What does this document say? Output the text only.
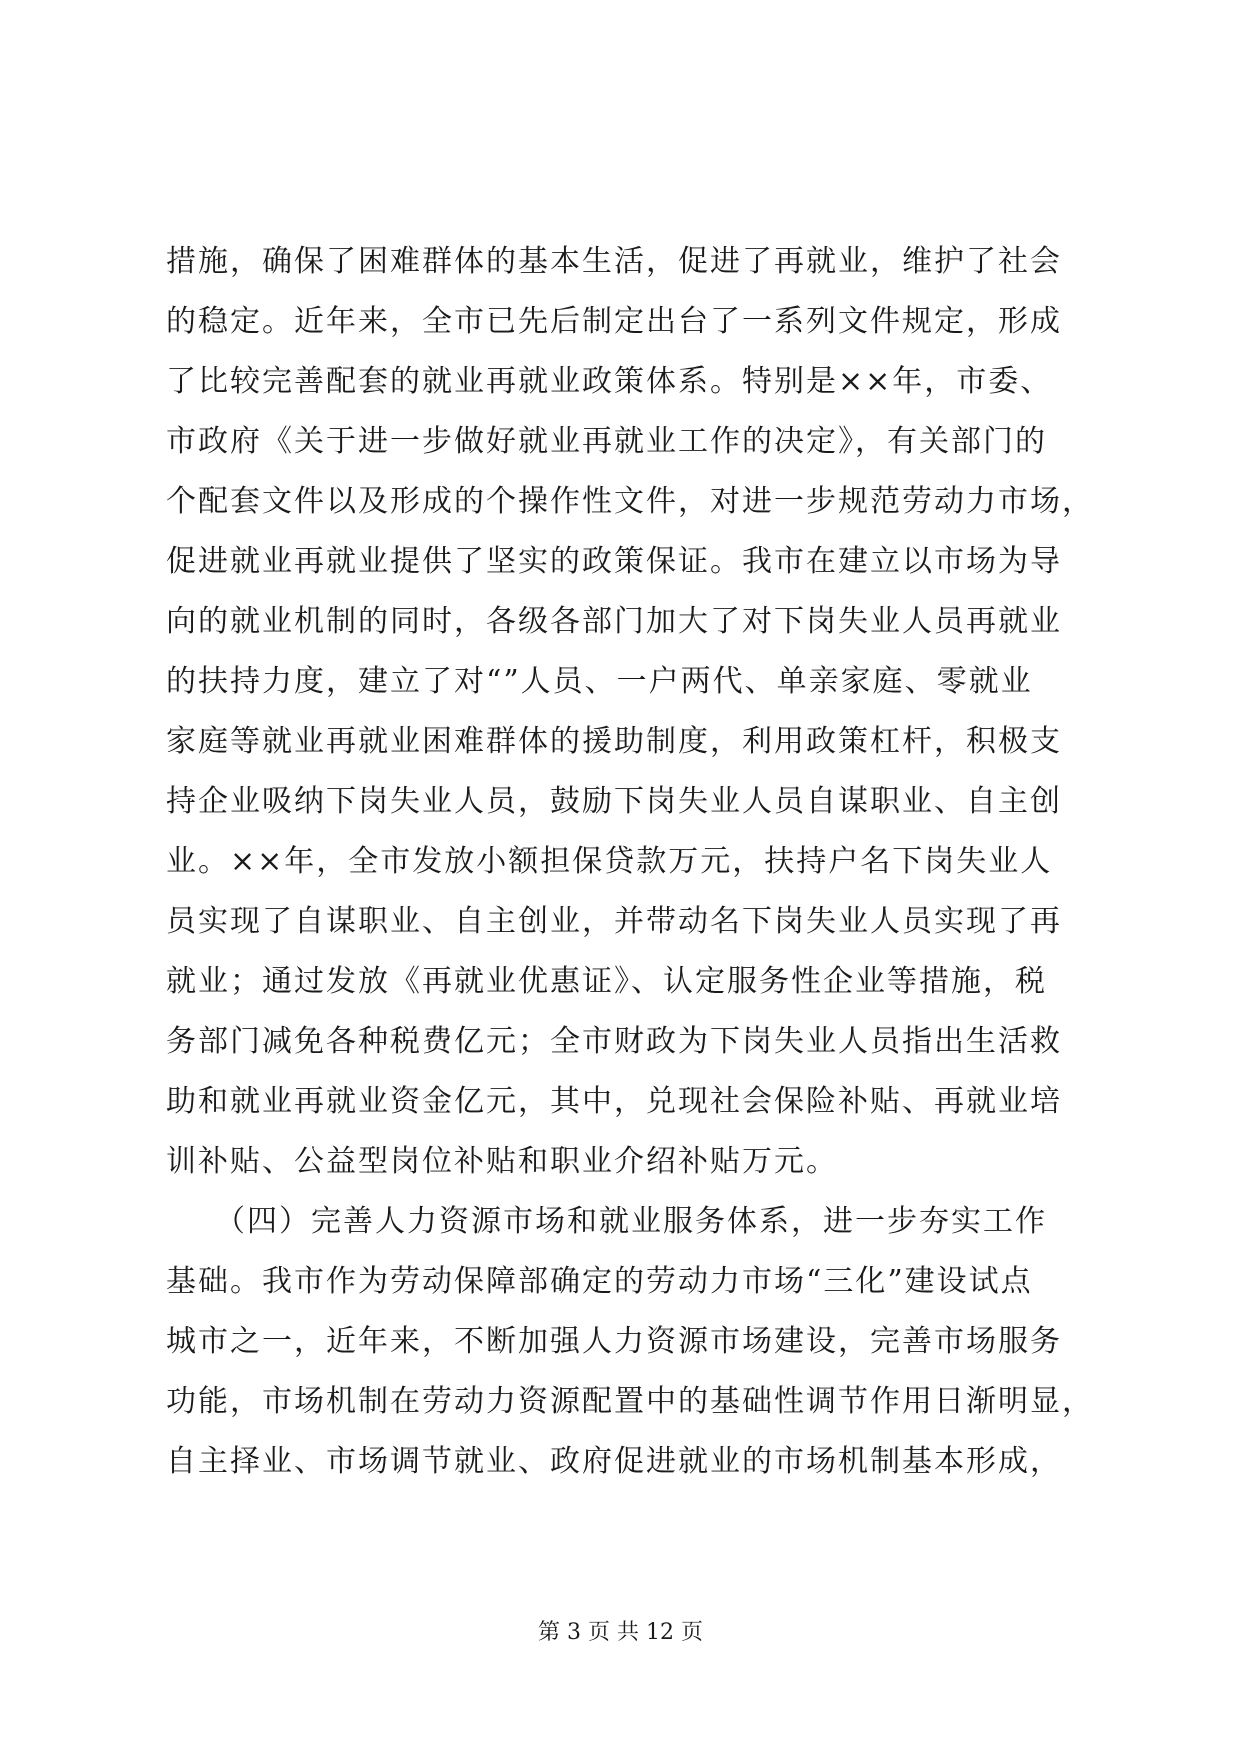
措施，确保了困难群体的基本生活，促进了再就业，维护了社会
的稳定。近年来，全市已先后制定出台了一系列文件规定，形成
了比较完善配套的就业再就业政策体系。特别是××年，市委、
市政府《关于进一步做好就业再就业工作的决定》，有关部门的
个配套文件以及形成的个操作性文件，对进一步规范劳动力市场，
促进就业再就业提供了坚实的政策保证。我市在建立以市场为导
向的就业机制的同时，各级各部门加大了对下岗失业人员再就业
的扶持力度，建立了对“”人员、一户两代、单亲家庭、零就业
家庭等就业再就业困难群体的援助制度，利用政策杠杆，积极支
持企业吸纳下岗失业人员，鼓励下岗失业人员自谋职业、自主创
业。××年，全市发放小额担保贷款万元，扶持户名下岗失业人
员实现了自谋职业、自主创业，并带动名下岗失业人员实现了再
就业；通过发放《再就业优惠证》、认定服务性企业等措施，税
务部门减免各种税费亿元；全市财政为下岗失业人员指出生活救
助和就业再就业资金亿元，其中，兑现社会保险补贴、再就业培
训补贴、公益型岗位补贴和职业介绍补贴万元。
　　（四）完善人力资源市场和就业服务体系，进一步夯实工作
基础。我市作为劳动保障部确定的劳动力市场“三化”建设试点
城市之一，近年来，不断加强人力资源市场建设，完善市场服务
功能，市场机制在劳动力资源配置中的基础性调节作用日渐明显，
自主择业、市场调节就业、政府促进就业的市场机制基本形成，
第 3 页 共 12 页
